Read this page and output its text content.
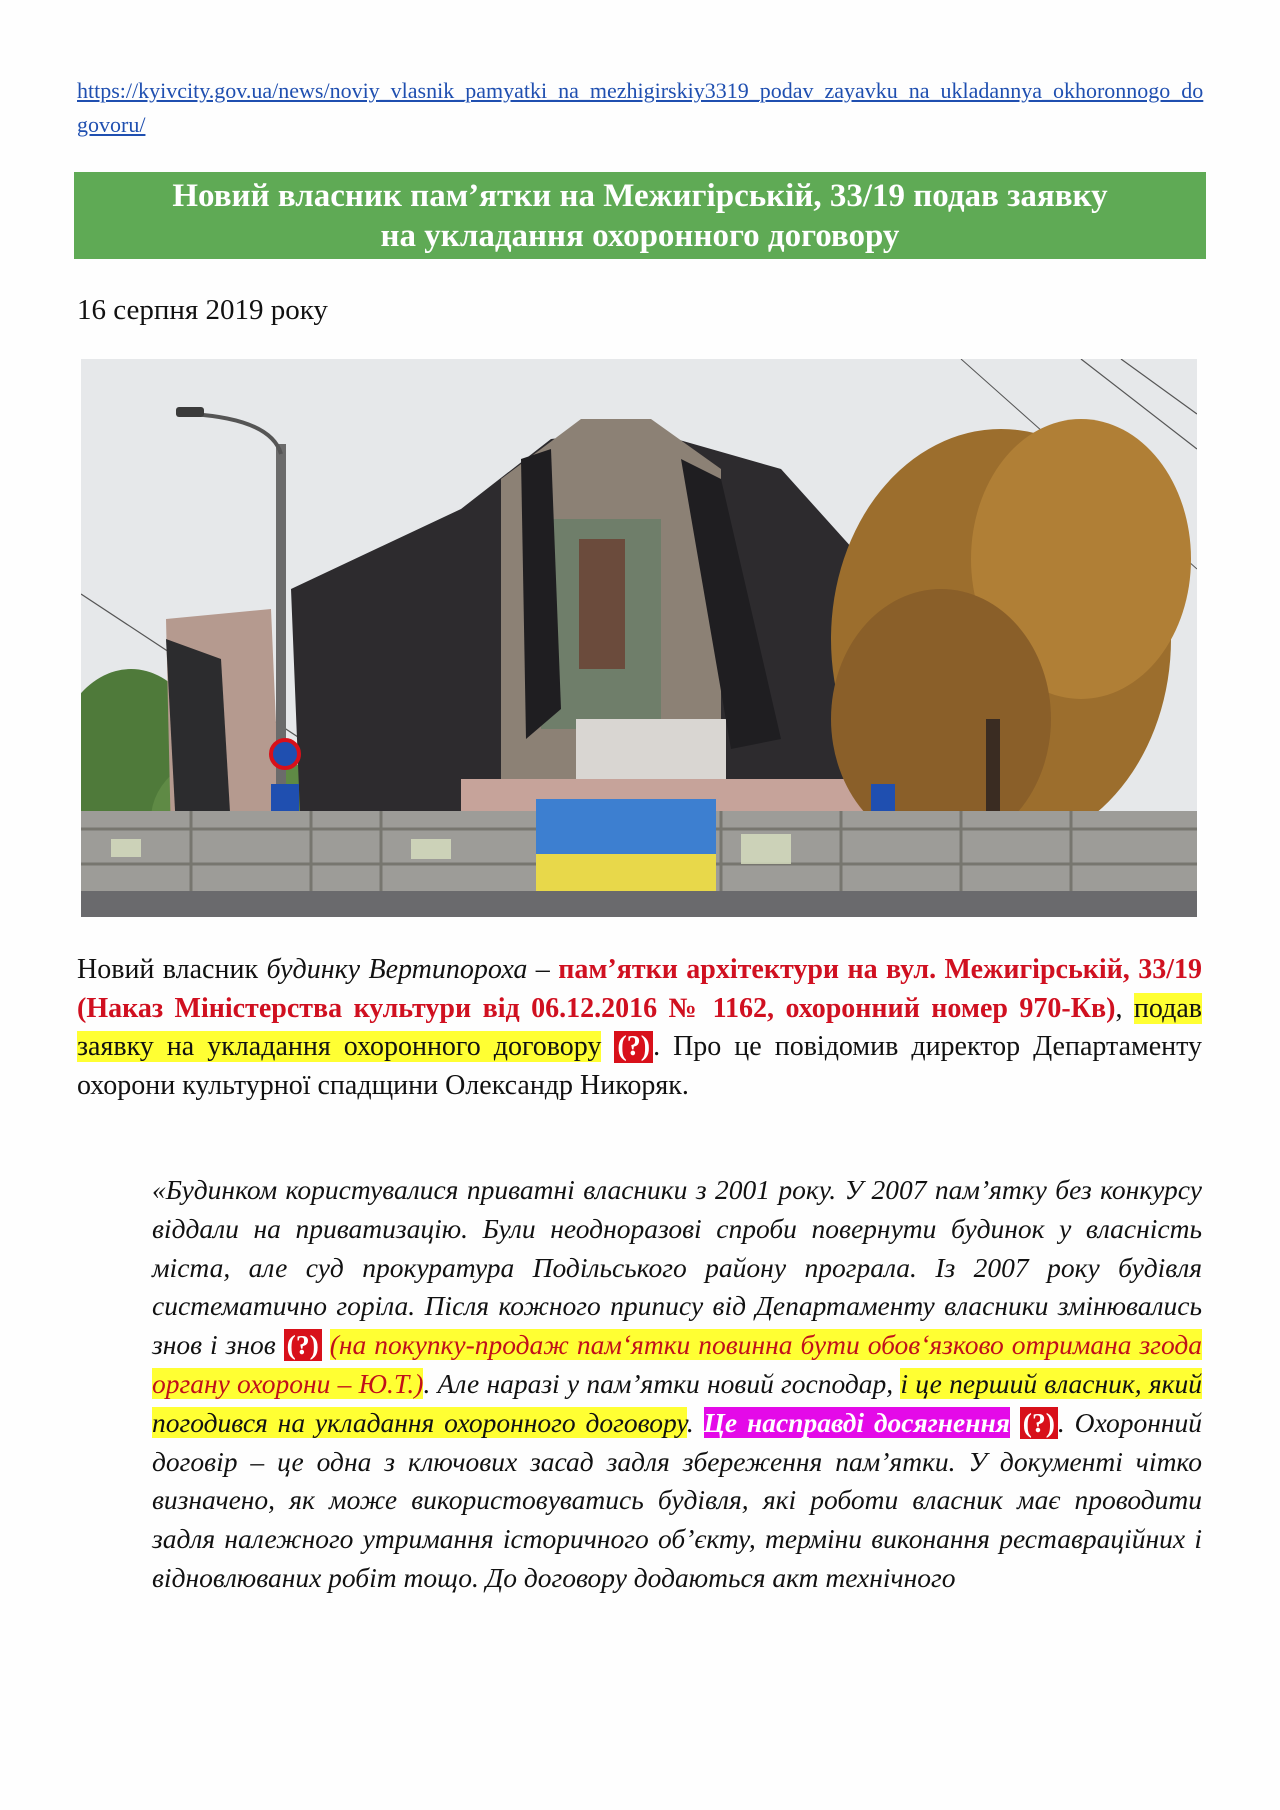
https://kyivcity.gov.ua/news/noviy_vlasnik_pamyatki_na_mezhigirskiy3319_podav_zayavku_na_ukladannya_okhoronnogo_dogovoru/
Новий власник пам’ятки на Межигірській, 33/19 подав заявку
на укладання охоронного договору
16 серпня 2019 року
Новий власник будинку Вертипороха – пам’ятки архітектури на вул. Межигірській, 33/19 (Наказ Міністерства культури від 06.12.2016 № 1162, охоронний номер 970-Кв), подав заявку на укладання охоронного договору (?) . Про це повідомив директор Департаменту охорони культурної спадщини Олександр Никоряк.
«Будинком користувалися приватні власники з 2001 року. У 2007 пам’ятку без конкурсу віддали на приватизацію. Були неодноразові спроби повернути будинок у власність міста, але суд прокуратура Подільського району програла. Із 2007 року будівля систематично горіла. Після кожного припису від Департаменту власники змінювались знов і знов (?) (на покупку-продаж пам‘ятки повинна бути обов‘язково отримана згода органу охорони – Ю.Т.). Але наразі у пам’ятки новий господар, і це перший власник, який погодився на укладання охоронного договору. Це насправді досягнення (?) . Охоронний договір – це одна з ключових засад задля збереження пам’ятки. У документі чітко визначено, як може використовуватись будівля, які роботи власник має проводити задля належного утримання історичного об’єкту, терміни виконання реставраційних і відновлюваних робіт тощо. До договору додаються акт технічного
